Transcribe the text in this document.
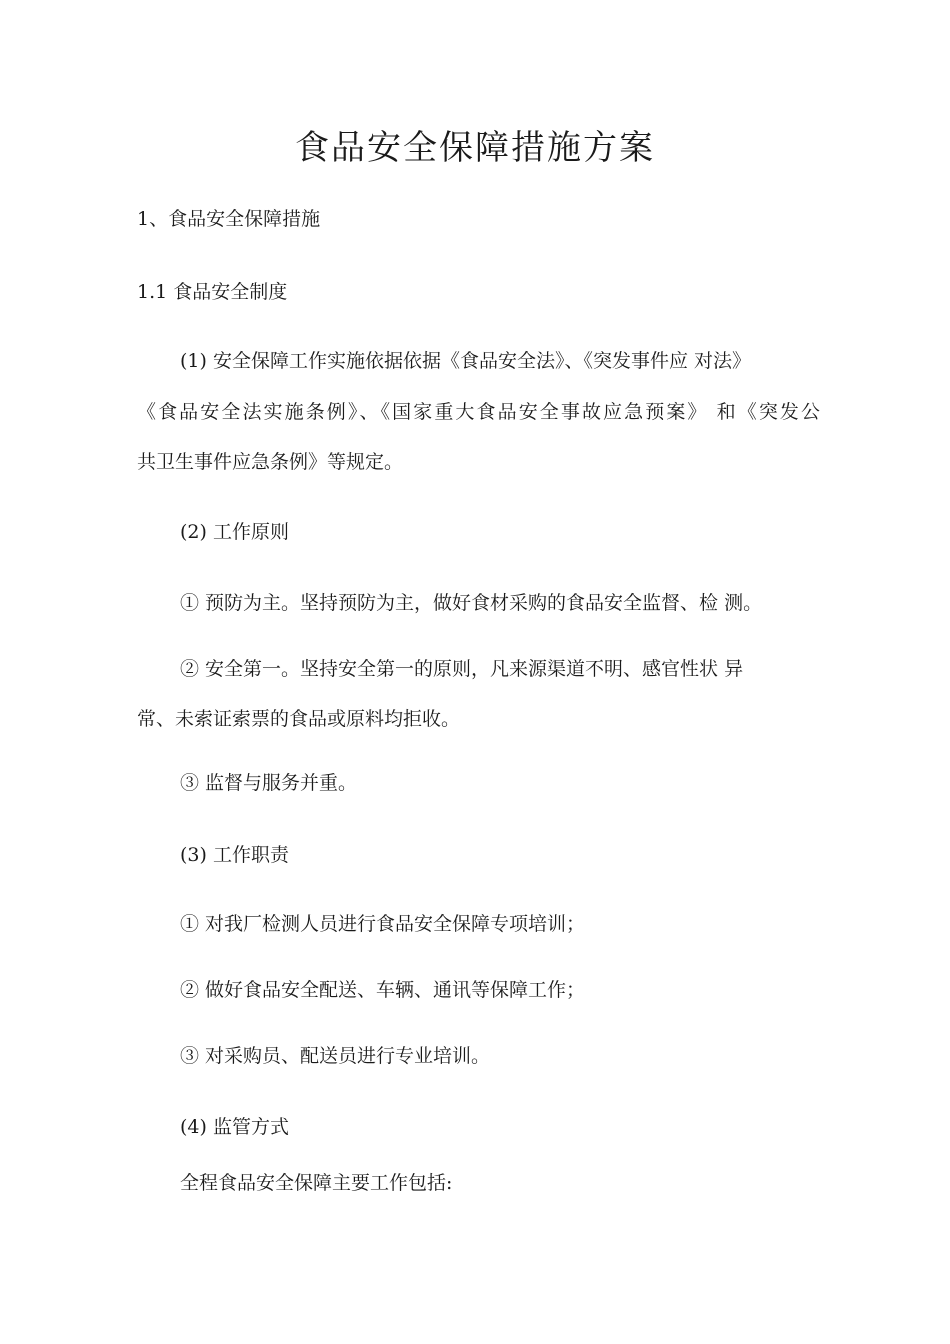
食品安全保障措施方案
1、食品安全保障措施
1.1 食品安全制度
(1) 安全保障工作实施依据依据《食品安全法》、《突发事件应 对法》
《食品安全法实施条例》、《国家重大食品安全事故应急预案》 和《突发公
共卫生事件应急条例》等规定。
(2) 工作原则
① 预防为主。坚持预防为主，做好食材采购的食品安全监督、检 测。
② 安全第一。坚持安全第一的原则，凡来源渠道不明、感官性状 异
常、未索证索票的食品或原料均拒收。
③ 监督与服务并重。
(3) 工作职责
① 对我厂检测人员进行食品安全保障专项培训；
② 做好食品安全配送、车辆、通讯等保障工作；
③ 对采购员、配送员进行专业培训。
(4) 监管方式
全程食品安全保障主要工作包括:
